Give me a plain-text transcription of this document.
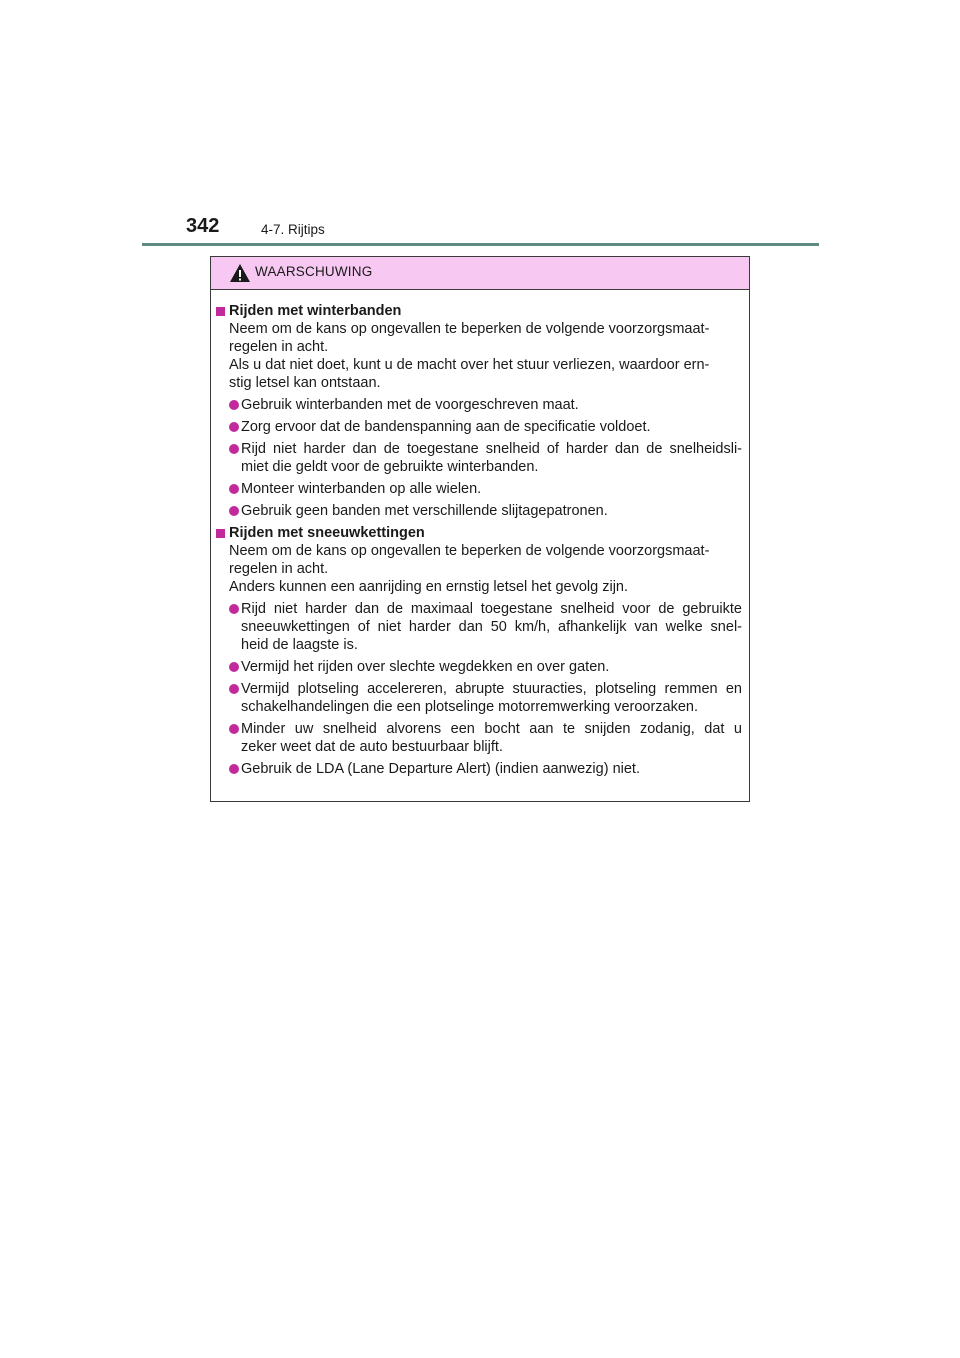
342	4-7. Rijtips
WAARSCHUWING
Rijden met winterbanden
Neem om de kans op ongevallen te beperken de volgende voorzorgsmaat-
regelen in acht.
Als u dat niet doet, kunt u de macht over het stuur verliezen, waardoor ern-
stig letsel kan ontstaan.
Gebruik winterbanden met de voorgeschreven maat.
Zorg ervoor dat de bandenspanning aan de specificatie voldoet.
Rijd niet harder dan de toegestane snelheid of harder dan de snelheidsli-
miet die geldt voor de gebruikte winterbanden.
Monteer winterbanden op alle wielen.
Gebruik geen banden met verschillende slijtagepatronen.
Rijden met sneeuwkettingen
Neem om de kans op ongevallen te beperken de volgende voorzorgsmaat-
regelen in acht.
Anders kunnen een aanrijding en ernstig letsel het gevolg zijn.
Rijd niet harder dan de maximaal toegestane snelheid voor de gebruikte
sneeuwkettingen of niet harder dan 50 km/h, afhankelijk van welke snel-
heid de laagste is.
Vermijd het rijden over slechte wegdekken en over gaten.
Vermijd plotseling accelereren, abrupte stuuracties, plotseling remmen en
schakelhandelingen die een plotselinge motorremwerking veroorzaken.
Minder uw snelheid alvorens een bocht aan te snijden zodanig, dat u
zeker weet dat de auto bestuurbaar blijft.
Gebruik de LDA (Lane Departure Alert) (indien aanwezig) niet.
